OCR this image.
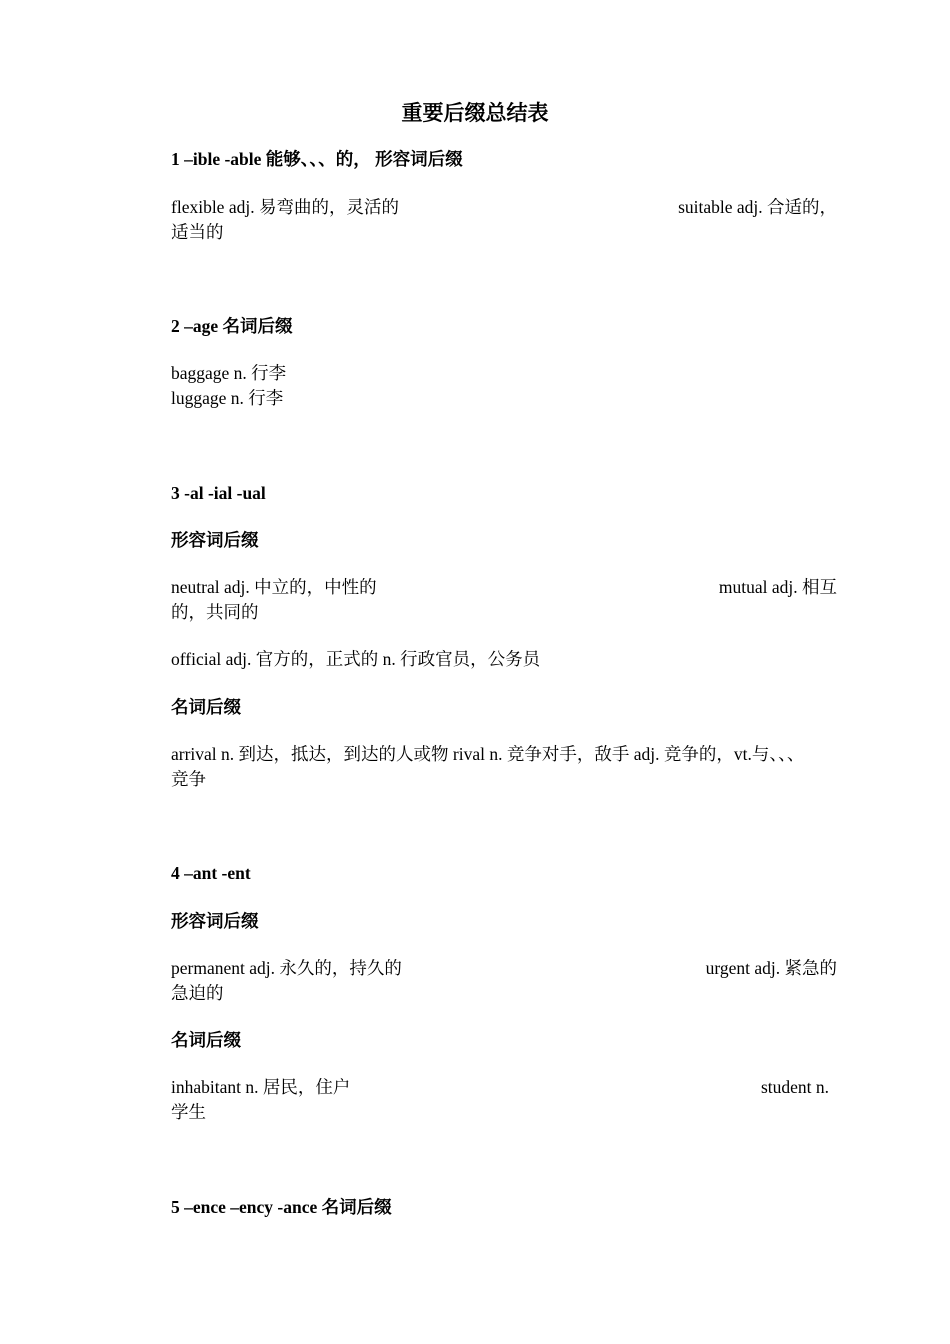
重要后缀总结表
1 –ible -able 能够、、、的， 形容词后缀
flexible adj. 易弯曲的，灵活的	suitable adj. 合适的，
适当的
2 –age 名词后缀
baggage n. 行李
luggage n. 行李
3 -al -ial -ual
形容词后缀
neutral adj. 中立的，中性的	mutual adj. 相互
的，共同的
official adj. 官方的，正式的 n. 行政官员，公务员
名词后缀
arrival n. 到达，抵达，到达的人或物 rival n. 竞争对手，敌手 adj. 竞争的，vt.与、、、
竞争
4 –ant -ent
形容词后缀
permanent adj. 永久的，持久的	urgent adj. 紧急的
急迫的
名词后缀
inhabitant n. 居民，住户	student n.
学生
5 –ence –ency -ance 名词后缀
